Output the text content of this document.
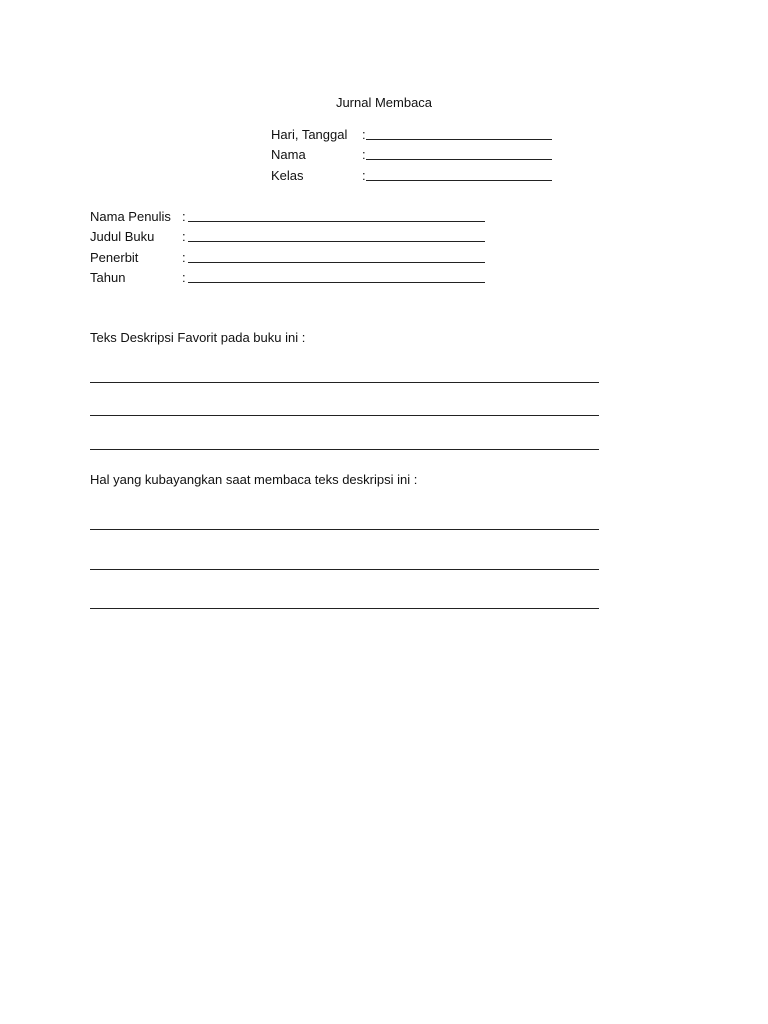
Jurnal Membaca
Hari, Tanggal	:
Nama	:
Kelas	:
Nama Penulis :
Judul Buku	:
Penerbit	:
Tahun	:
Teks Deskripsi Favorit pada buku ini :
Hal yang kubayangkan saat membaca teks deskripsi ini :
